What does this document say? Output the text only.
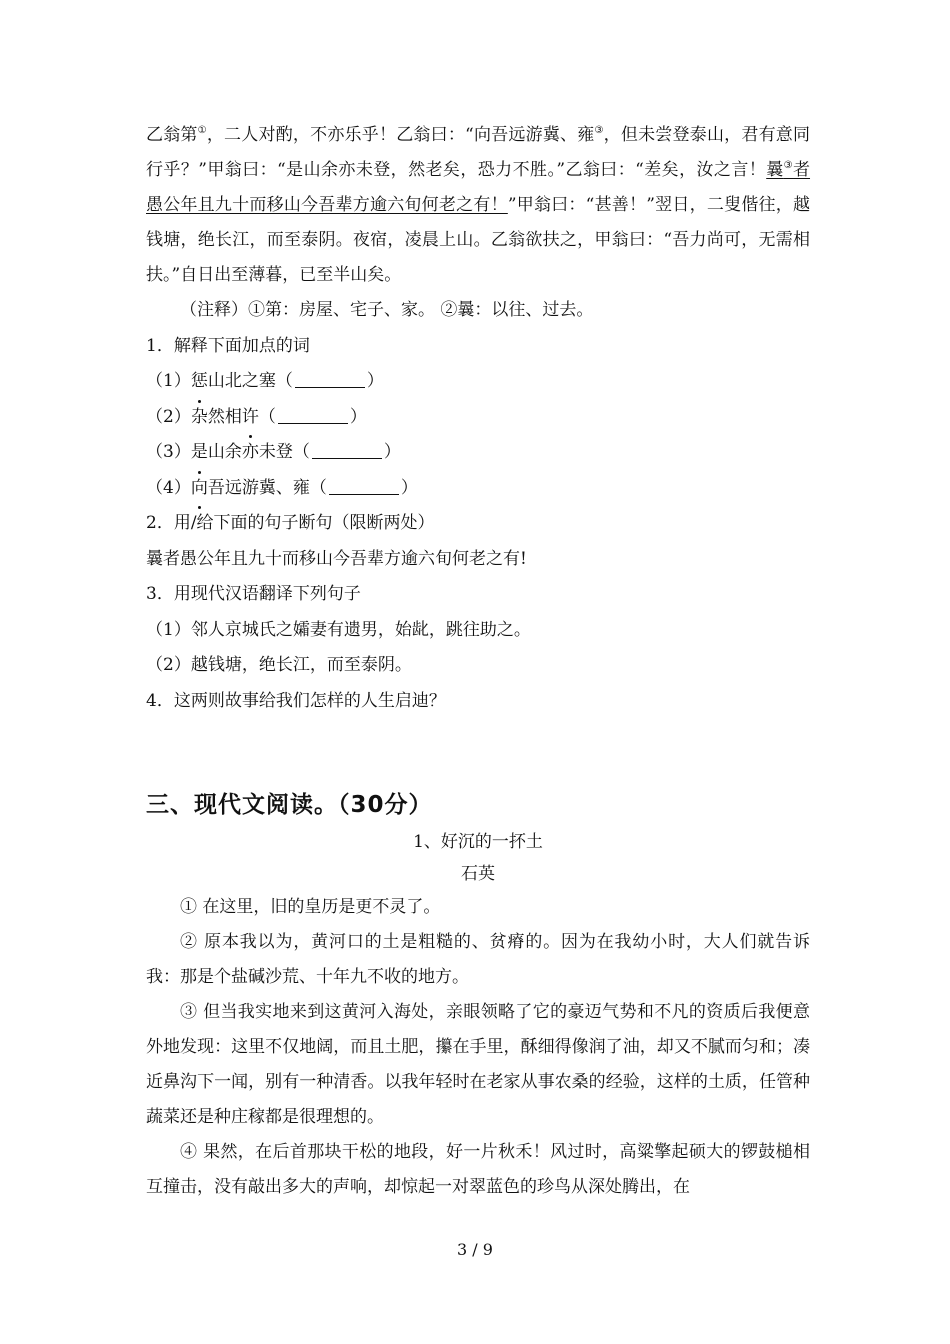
乙翁第①，二人对酌，不亦乐乎！乙翁曰：“向吾远游冀、雍③，但未尝登泰山，君有意同行乎？”甲翁曰：“是山余亦未登，然老矣，恐力不胜。”乙翁曰：“差矣，汝之言！曩③者愚公年且九十而移山今吾辈方逾六旬何老之有！”甲翁曰：“甚善！”翌日，二叟偕往，越钱塘，绝长江，而至泰阴。夜宿，凌晨上山。乙翁欲扶之，甲翁曰：“吾力尚可，无需相扶。”自日出至薄暮，已至半山矣。

（注释）①第：房屋、宅子、家。 ②曩：以往、过去。

1．解释下面加点的词

（1）惩山北之塞（	）

（2）杂然相许（	）

（3）是山余亦未登（	）

（4）向吾远游冀、雍（	）

2．用/给下面的句子断句（限断两处）

曩者愚公年且九十而移山今吾辈方逾六旬何老之有!

3．用现代汉语翻译下列句子

（1）邻人京城氏之孀妻有遗男，始龀，跳往助之。

（2）越钱塘，绝长江，而至泰阴。

4．这两则故事给我们怎样的人生启迪？

三、现代文阅读。（30分）

1、好沉的一抔土

石英

① 在这里，旧的皇历是更不灵了。

② 原本我以为，黄河口的土是粗糙的、贫瘠的。因为在我幼小时，大人们就告诉我：那是个盐碱沙荒、十年九不收的地方。

③ 但当我实地来到这黄河入海处，亲眼领略了它的豪迈气势和不凡的资质后我便意外地发现：这里不仅地阔，而且土肥，攥在手里，酥细得像润了油，却又不腻而匀和；凑近鼻沟下一闻，别有一种清香。以我年轻时在老家从事农桑的经验，这样的土质，任管种蔬菜还是种庄稼都是很理想的。

④ 果然，在后首那块干松的地段，好一片秋禾！风过时，高粱擎起硕大的锣鼓槌相互撞击，没有敲出多大的声响，却惊起一对翠蓝色的珍鸟从深处腾出，在

3 / 9
